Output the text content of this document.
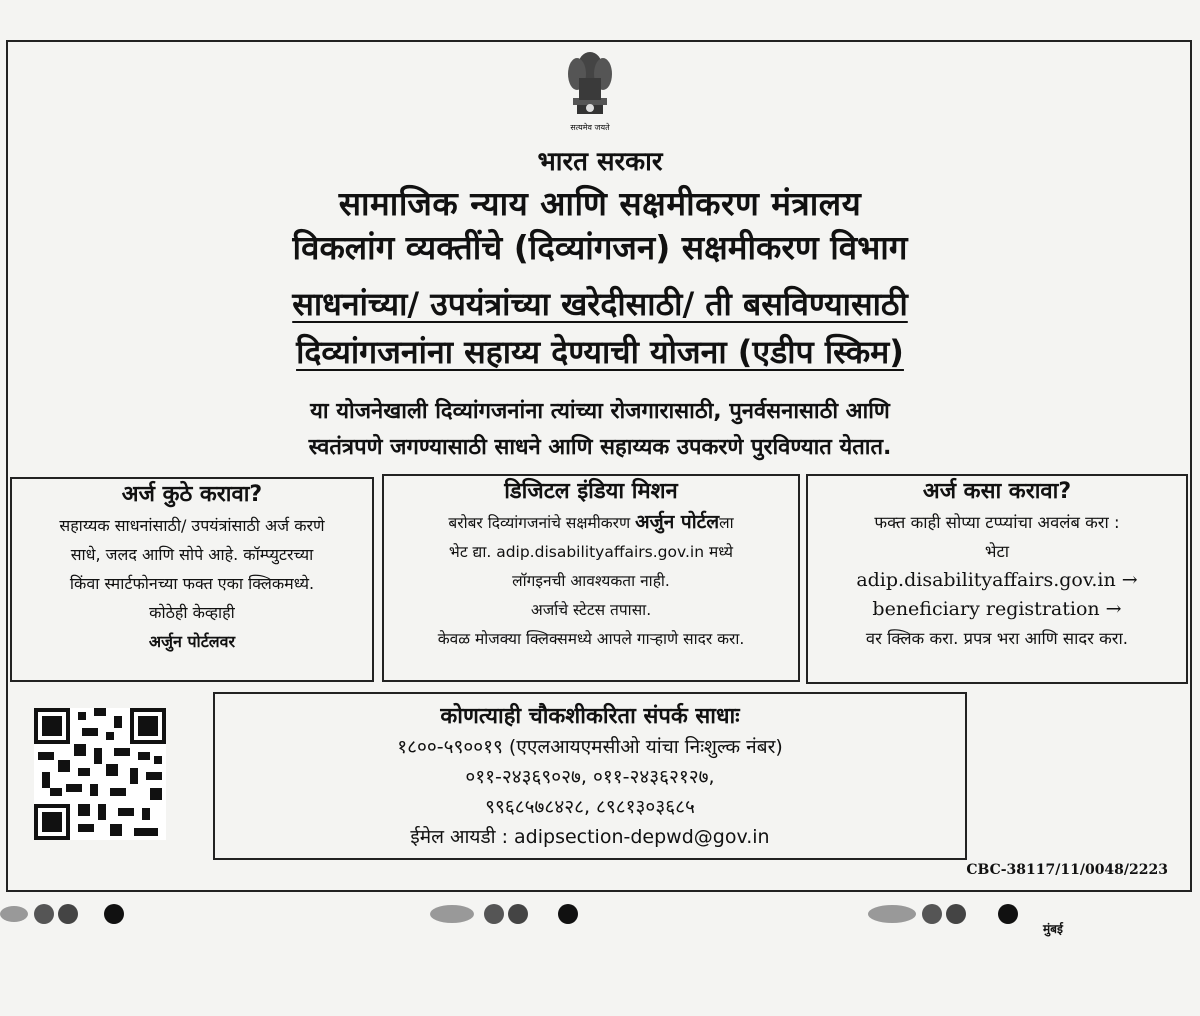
सत्यमेव जयते
भारत सरकार
सामाजिक न्याय आणि सक्षमीकरण मंत्रालय
विकलांग व्यक्तींचे (दिव्यांगजन) सक्षमीकरण विभाग
साधनांच्या/ उपयंत्रांच्या खरेदीसाठी/ ती बसविण्यासाठी
दिव्यांगजनांना सहाय्य देण्याची योजना (एडीप स्किम)
या योजनेखाली दिव्यांगजनांना त्यांच्या रोजगारासाठी, पुनर्वसनासाठी आणि
स्वतंत्रपणे जगण्यासाठी साधने आणि सहाय्यक उपकरणे पुरविण्यात येतात.
अर्ज कुठे करावा?
सहाय्यक साधनांसाठी/ उपयंत्रांसाठी अर्ज करणे
साधे, जलद आणि सोपे आहे. कॉम्प्युटरच्या
किंवा स्मार्टफोनच्या फक्त एका क्लिकमध्ये.
कोठेही केव्हाही
अर्जुन पोर्टलवर
डिजिटल इंडिया मिशन
बरोबर दिव्यांगजनांचे सक्षमीकरण अर्जुन पोर्टलला
भेट द्या. adip.disabilityaffairs.gov.in मध्ये
लॉगइनची आवश्यकता नाही.
अर्जाचे स्टेटस तपासा.
केवळ मोजक्या क्लिक्समध्ये आपले गाऱ्हाणे सादर करा.
अर्ज कसा करावा?
फक्त काही सोप्या टप्प्यांचा अवलंब करा :
भेटा
adip.disabilityaffairs.gov.in →
beneficiary registration →
वर क्लिक करा. प्रपत्र भरा आणि सादर करा.
कोणत्याही चौकशीकरिता संपर्क साधाः
१८००-५९००१९ (एएलआयएमसीओ यांचा निःशुल्क नंबर)
०११-२४३६९०२७, ०११-२४३६२१२७,
९९६८५७८४२८, ८९८१३०३६८५
ईमेल आयडी : adipsection-depwd@gov.in
CBC-38117/11/0048/2223
मुंबई
